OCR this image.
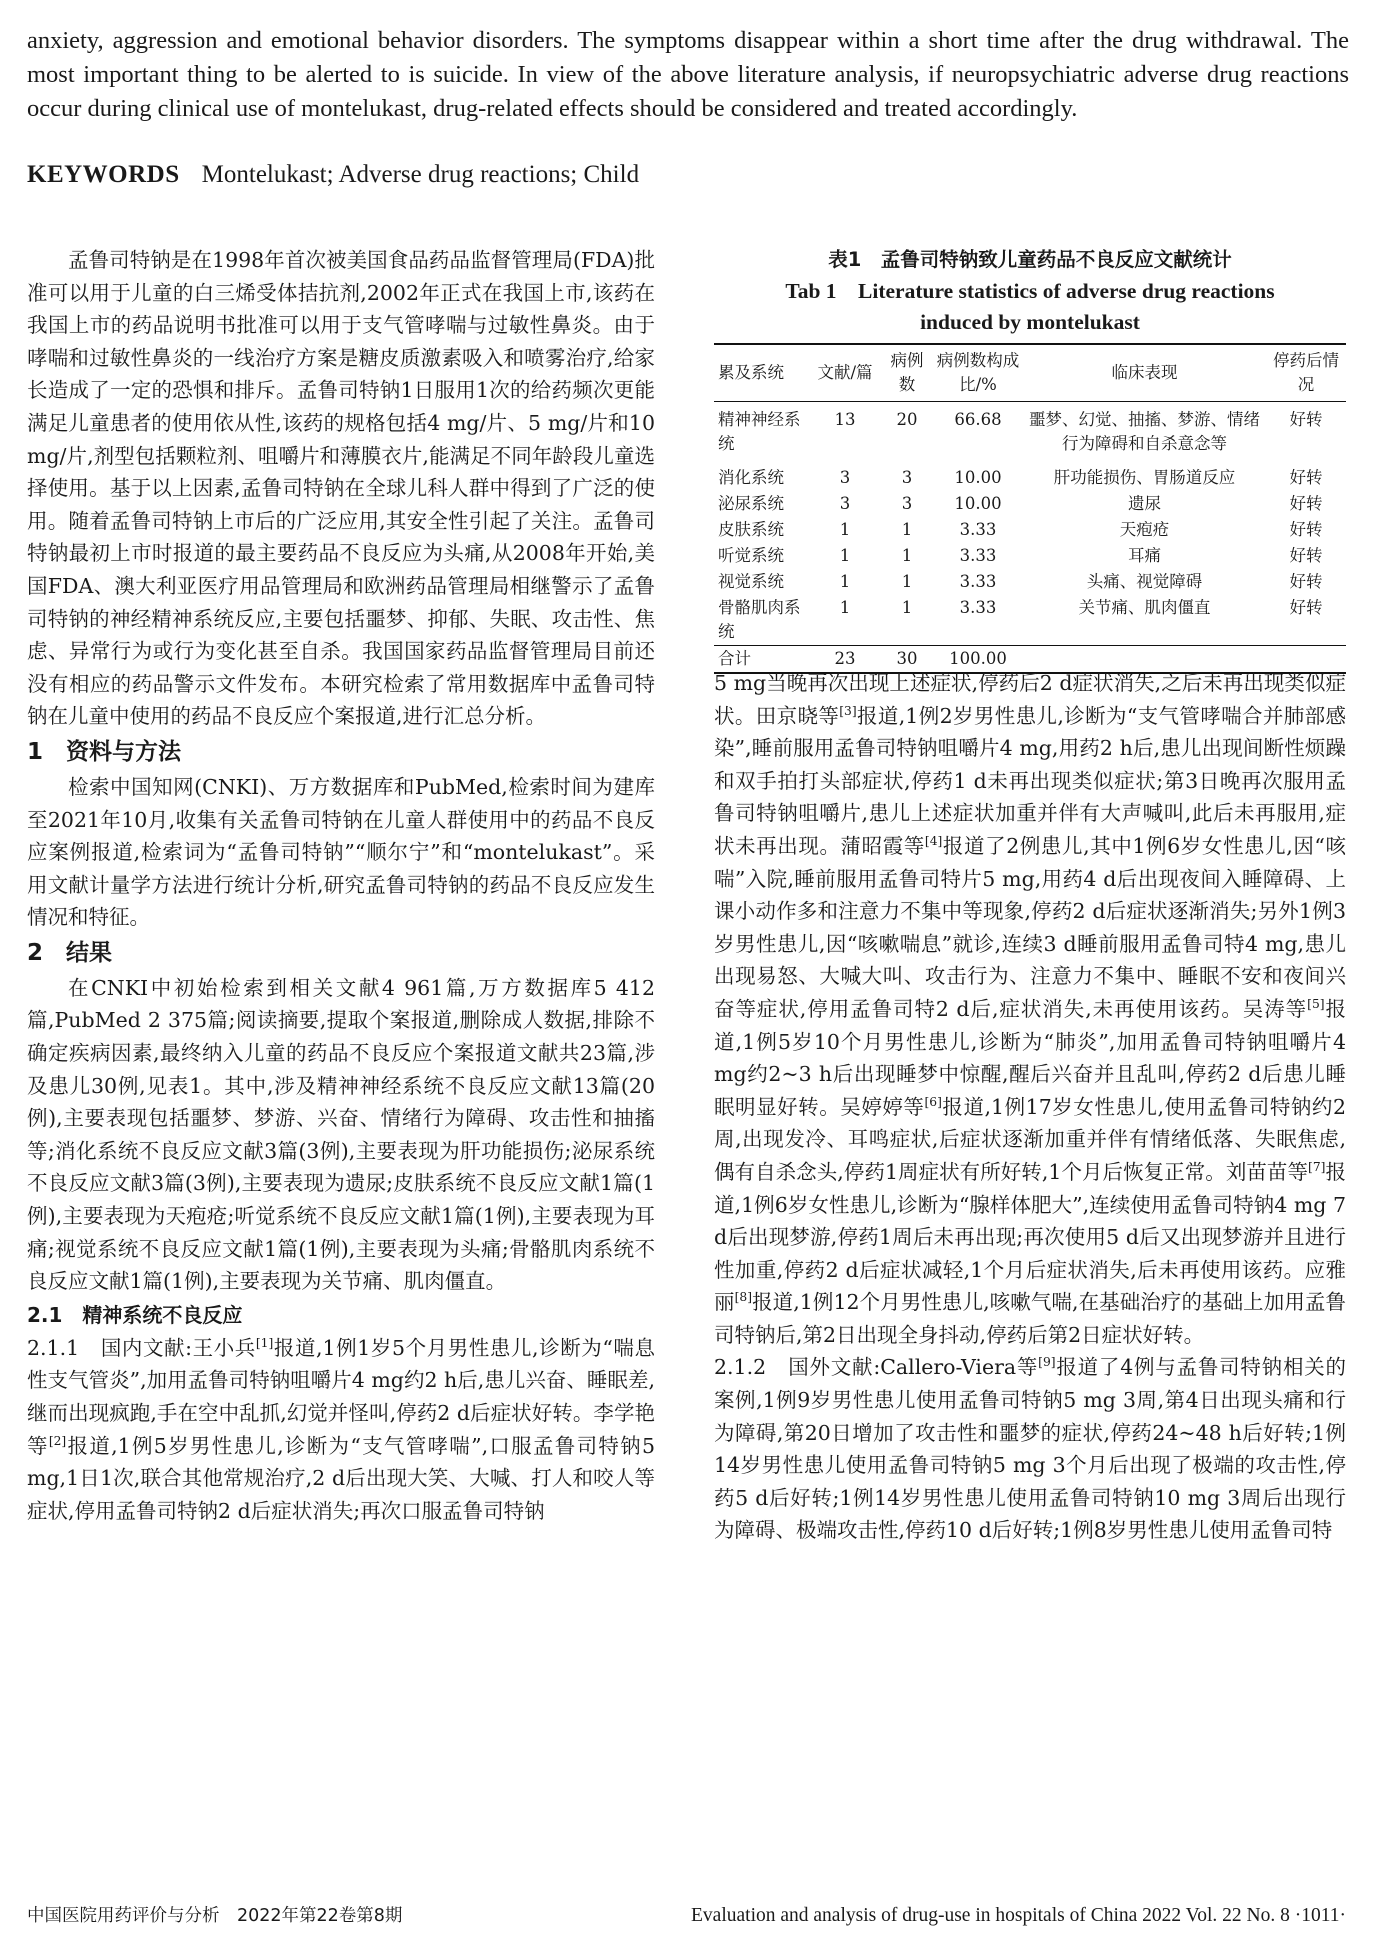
anxiety, aggression and emotional behavior disorders. The symptoms disappear within a short time after the drug withdrawal. The most important thing to be alerted to is suicide. In view of the above literature analysis, if neuropsychiatric adverse drug reactions occur during clinical use of montelukast, drug-related effects should be considered and treated accordingly.

KEYWORDS Montelukast; Adverse drug reactions; Child

孟鲁司特钠是在1998年首次被美国食品药品监督管理局(FDA)批准可以用于儿童的白三烯受体拮抗剂,2002年正式在我国上市,该药在我国上市的药品说明书批准可以用于支气管哮喘与过敏性鼻炎。由于哮喘和过敏性鼻炎的一线治疗方案是糖皮质激素吸入和喷雾治疗,给家长造成了一定的恐惧和排斥。孟鲁司特钠1日服用1次的给药频次更能满足儿童患者的使用依从性,该药的规格包括4 mg/片、5 mg/片和10 mg/片,剂型包括颗粒剂、咀嚼片和薄膜衣片,能满足不同年龄段儿童选择使用。基于以上因素,孟鲁司特钠在全球儿科人群中得到了广泛的使用。随着孟鲁司特钠上市后的广泛应用,其安全性引起了关注。孟鲁司特钠最初上市时报道的最主要药品不良反应为头痛,从2008年开始,美国FDA、澳大利亚医疗用品管理局和欧洲药品管理局相继警示了孟鲁司特钠的神经精神系统反应,主要包括噩梦、抑郁、失眠、攻击性、焦虑、异常行为或行为变化甚至自杀。我国国家药品监督管理局目前还没有相应的药品警示文件发布。本研究检索了常用数据库中孟鲁司特钠在儿童中使用的药品不良反应个案报道,进行汇总分析。

1　资料与方法

检索中国知网(CNKI)、万方数据库和PubMed,检索时间为建库至2021年10月,收集有关孟鲁司特钠在儿童人群使用中的药品不良反应案例报道,检索词为“孟鲁司特钠”“顺尔宁”和“montelukast”。采用文献计量学方法进行统计分析,研究孟鲁司特钠的药品不良反应发生情况和特征。

2　结果

在CNKI中初始检索到相关文献4 961篇,万方数据库5 412篇,PubMed 2 375篇;阅读摘要,提取个案报道,删除成人数据,排除不确定疾病因素,最终纳入儿童的药品不良反应个案报道文献共23篇,涉及患儿30例,见表1。其中,涉及精神神经系统不良反应文献13篇(20例),主要表现包括噩梦、梦游、兴奋、情绪行为障碍、攻击性和抽搐等;消化系统不良反应文献3篇(3例),主要表现为肝功能损伤;泌尿系统不良反应文献3篇(3例),主要表现为遗尿;皮肤系统不良反应文献1篇(1例),主要表现为天疱疮;听觉系统不良反应文献1篇(1例),主要表现为耳痛;视觉系统不良反应文献1篇(1例),主要表现为头痛;骨骼肌肉系统不良反应文献1篇(1例),主要表现为关节痛、肌肉僵直。

2.1　精神系统不良反应

2.1.1　国内文献:王小兵[1]报道,1例1岁5个月男性患儿,诊断为“喘息性支气管炎”,加用孟鲁司特钠咀嚼片4 mg约2 h后,患儿兴奋、睡眠差,继而出现疯跑,手在空中乱抓,幻觉并怪叫,停药2 d后症状好转。李学艳等[2]报道,1例5岁男性患儿,诊断为“支气管哮喘”,口服孟鲁司特钠5 mg,1日1次,联合其他常规治疗,2 d后出现大笑、大喊、打人和咬人等症状,停用孟鲁司特钠2 d后症状消失;再次口服孟鲁司特钠

表1　孟鲁司特钠致儿童药品不良反应文献统计
Tab 1　Literature statistics of adverse drug reactions
induced by montelukast
累及系统	文献/篇	病例数	病例数构成比/%	临床表现	停药后情况
精神神经系统	13	20	66.68	噩梦、幻觉、抽搐、梦游、情绪行为障碍和自杀意念等	好转
消化系统	3	3	10.00	肝功能损伤、胃肠道反应	好转
泌尿系统	3	3	10.00	遗尿	好转
皮肤系统	1	1	3.33	天疱疮	好转
听觉系统	1	1	3.33	耳痛	好转
视觉系统	1	1	3.33	头痛、视觉障碍	好转
骨骼肌肉系统	1	1	3.33	关节痛、肌肉僵直	好转
合计	23	30	100.00		

5 mg当晚再次出现上述症状,停药后2 d症状消失,之后未再出现类似症状。田京晓等[3]报道,1例2岁男性患儿,诊断为“支气管哮喘合并肺部感染”,睡前服用孟鲁司特钠咀嚼片4 mg,用药2 h后,患儿出现间断性烦躁和双手拍打头部症状,停药1 d未再出现类似症状;第3日晚再次服用孟鲁司特钠咀嚼片,患儿上述症状加重并伴有大声喊叫,此后未再服用,症状未再出现。蒲昭霞等[4]报道了2例患儿,其中1例6岁女性患儿,因“咳喘”入院,睡前服用孟鲁司特片5 mg,用药4 d后出现夜间入睡障碍、上课小动作多和注意力不集中等现象,停药2 d后症状逐渐消失;另外1例3岁男性患儿,因“咳嗽喘息”就诊,连续3 d睡前服用孟鲁司特4 mg,患儿出现易怒、大喊大叫、攻击行为、注意力不集中、睡眠不安和夜间兴奋等症状,停用孟鲁司特2 d后,症状消失,未再使用该药。吴涛等[5]报道,1例5岁10个月男性患儿,诊断为“肺炎”,加用孟鲁司特钠咀嚼片4 mg约2~3 h后出现睡梦中惊醒,醒后兴奋并且乱叫,停药2 d后患儿睡眠明显好转。吴婷婷等[6]报道,1例17岁女性患儿,使用孟鲁司特钠约2周,出现发冷、耳鸣症状,后症状逐渐加重并伴有情绪低落、失眠焦虑,偶有自杀念头,停药1周症状有所好转,1个月后恢复正常。刘苗苗等[7]报道,1例6岁女性患儿,诊断为“腺样体肥大”,连续使用孟鲁司特钠4 mg 7 d后出现梦游,停药1周后未再出现;再次使用5 d后又出现梦游并且进行性加重,停药2 d后症状减轻,1个月后症状消失,后未再使用该药。应雅丽[8]报道,1例12个月男性患儿,咳嗽气喘,在基础治疗的基础上加用孟鲁司特钠后,第2日出现全身抖动,停药后第2日症状好转。

2.1.2　国外文献:Callero-Viera等[9]报道了4例与孟鲁司特钠相关的案例,1例9岁男性患儿使用孟鲁司特钠5 mg 3周,第4日出现头痛和行为障碍,第20日增加了攻击性和噩梦的症状,停药24~48 h后好转;1例14岁男性患儿使用孟鲁司特钠5 mg 3个月后出现了极端的攻击性,停药5 d后好转;1例14岁男性患儿使用孟鲁司特钠10 mg 3周后出现行为障碍、极端攻击性,停药10 d后好转;1例8岁男性患儿使用孟鲁司特

中国医院用药评价与分析　2022年第22卷第8期	Evaluation and analysis of drug-use in hospitals of China 2022 Vol. 22 No. 8 ·1011·
